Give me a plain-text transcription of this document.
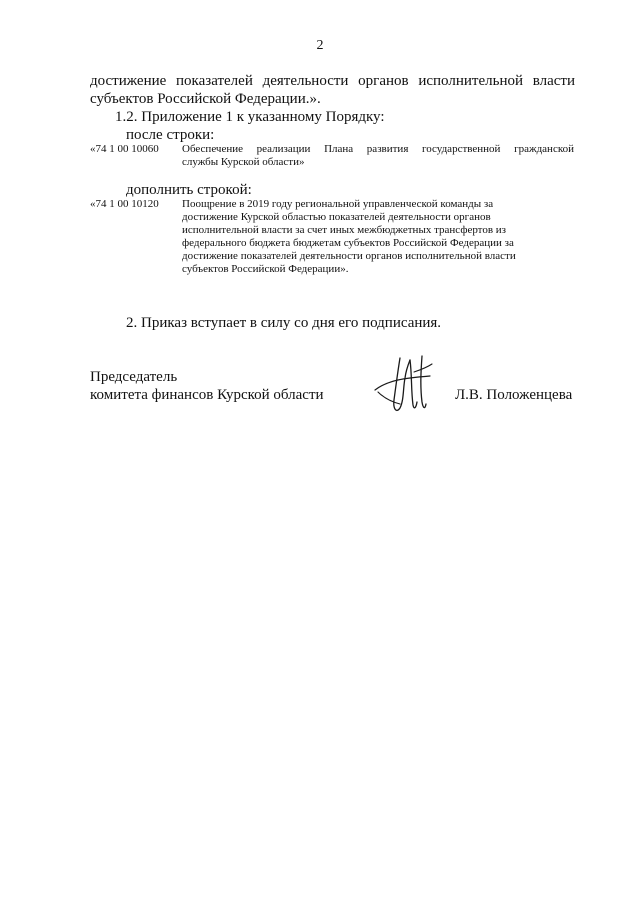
2
достижение показателей деятельности органов исполнительной власти
субъектов Российской Федерации.».
1.2. Приложение 1 к указанному Порядку:
после строки:
«74 1 00 10060 Обеспечение реализации Плана развития государственной гражданской
службы Курской области»
дополнить строкой:
«74 1 00 10120 Поощрение в 2019 году региональной управленческой команды за
достижение Курской областью показателей деятельности органов
исполнительной власти за счет иных межбюджетных трансфертов из
федерального бюджета бюджетам субъектов Российской Федерации за
достижение показателей деятельности органов исполнительной власти
субъектов Российской Федерации».
2. Приказ вступает в силу со дня его подписания.
Председатель
комитета финансов Курской области	Л.В. Положенцева
